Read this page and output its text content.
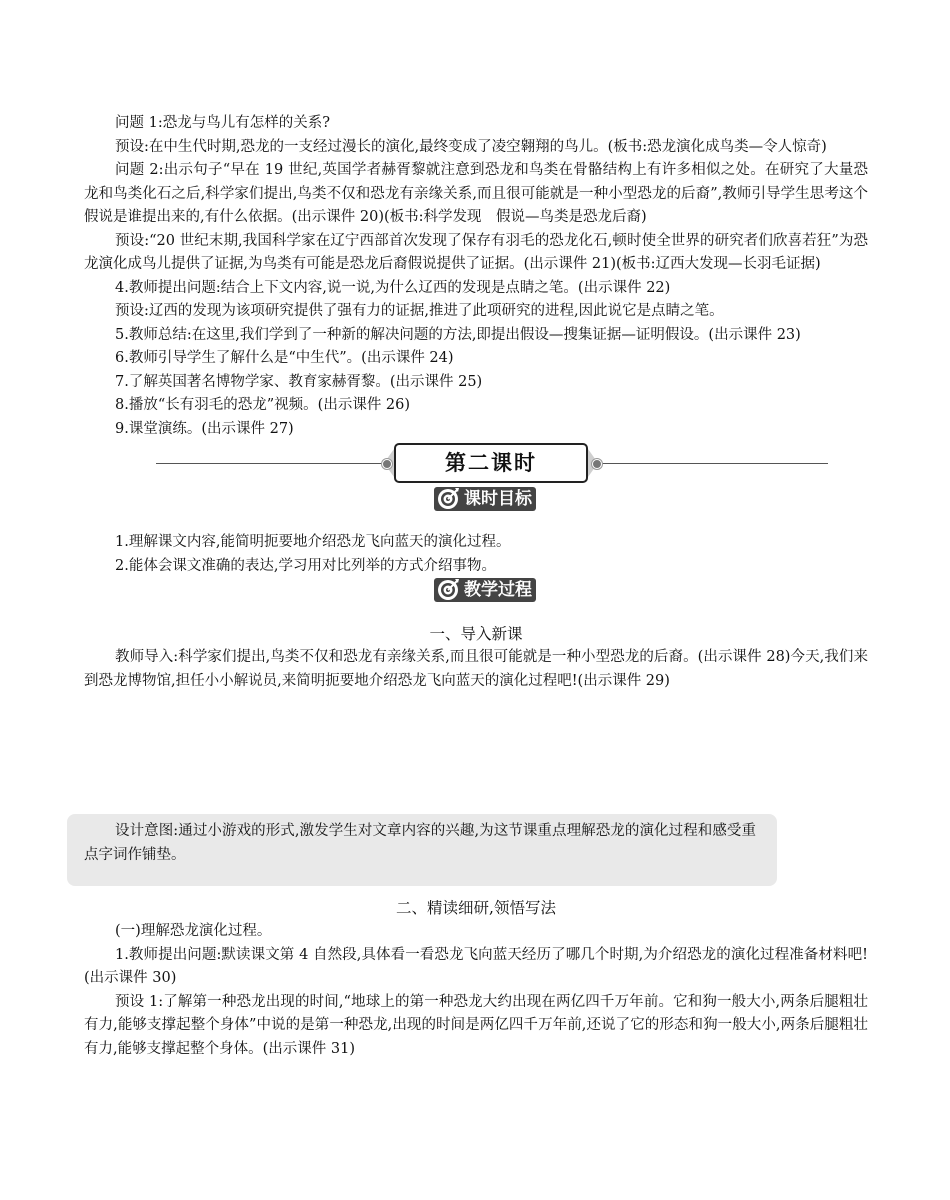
问题 1:恐龙与鸟儿有怎样的关系?

预设:在中生代时期,恐龙的一支经过漫长的演化,最终变成了凌空翱翔的鸟儿。(板书:恐龙演化成鸟类—令人惊奇)

问题 2:出示句子“早在 19 世纪,英国学者赫胥黎就注意到恐龙和鸟类在骨骼结构上有许多相似之处。在研究了大量恐龙和鸟类化石之后,科学家们提出,鸟类不仅和恐龙有亲缘关系,而且很可能就是一种小型恐龙的后裔”,教师引导学生思考这个假说是谁提出来的,有什么依据。(出示课件 20)(板书:科学发现　假说—鸟类是恐龙后裔)

预设:“20 世纪末期,我国科学家在辽宁西部首次发现了保存有羽毛的恐龙化石,顿时使全世界的研究者们欣喜若狂”为恐龙演化成鸟儿提供了证据,为鸟类有可能是恐龙后裔假说提供了证据。(出示课件 21)(板书:辽西大发现—长羽毛证据)

4.教师提出问题:结合上下文内容,说一说,为什么辽西的发现是点睛之笔。(出示课件 22)

预设:辽西的发现为该项研究提供了强有力的证据,推进了此项研究的进程,因此说它是点睛之笔。

5.教师总结:在这里,我们学到了一种新的解决问题的方法,即提出假设—搜集证据—证明假设。(出示课件 23)

6.教师引导学生了解什么是“中生代”。(出示课件 24)

7.了解英国著名博物学家、教育家赫胥黎。(出示课件 25)

8.播放“长有羽毛的恐龙”视频。(出示课件 26)

9.课堂演练。(出示课件 27)

第二课时
课时目标

1.理解课文内容,能简明扼要地介绍恐龙飞向蓝天的演化过程。

2.能体会课文准确的表达,学习用对比列举的方式介绍事物。

教学过程
一、导入新课

教师导入:科学家们提出,鸟类不仅和恐龙有亲缘关系,而且很可能就是一种小型恐龙的后裔。(出示课件 28)今天,我们来到恐龙博物馆,担任小小解说员,来简明扼要地介绍恐龙飞向蓝天的演化过程吧!(出示课件 29)

设计意图:通过小游戏的形式,激发学生对文章内容的兴趣,为这节课重点理解恐龙的演化过程和感受重点字词作铺垫。

二、精读细研,领悟写法

(一)理解恐龙演化过程。

1.教师提出问题:默读课文第 4 自然段,具体看一看恐龙飞向蓝天经历了哪几个时期,为介绍恐龙的演化过程准备材料吧!(出示课件 30)

预设 1:了解第一种恐龙出现的时间,“地球上的第一种恐龙大约出现在两亿四千万年前。它和狗一般大小,两条后腿粗壮有力,能够支撑起整个身体”中说的是第一种恐龙,出现的时间是两亿四千万年前,还说了它的形态和狗一般大小,两条后腿粗壮有力,能够支撑起整个身体。(出示课件 31)
